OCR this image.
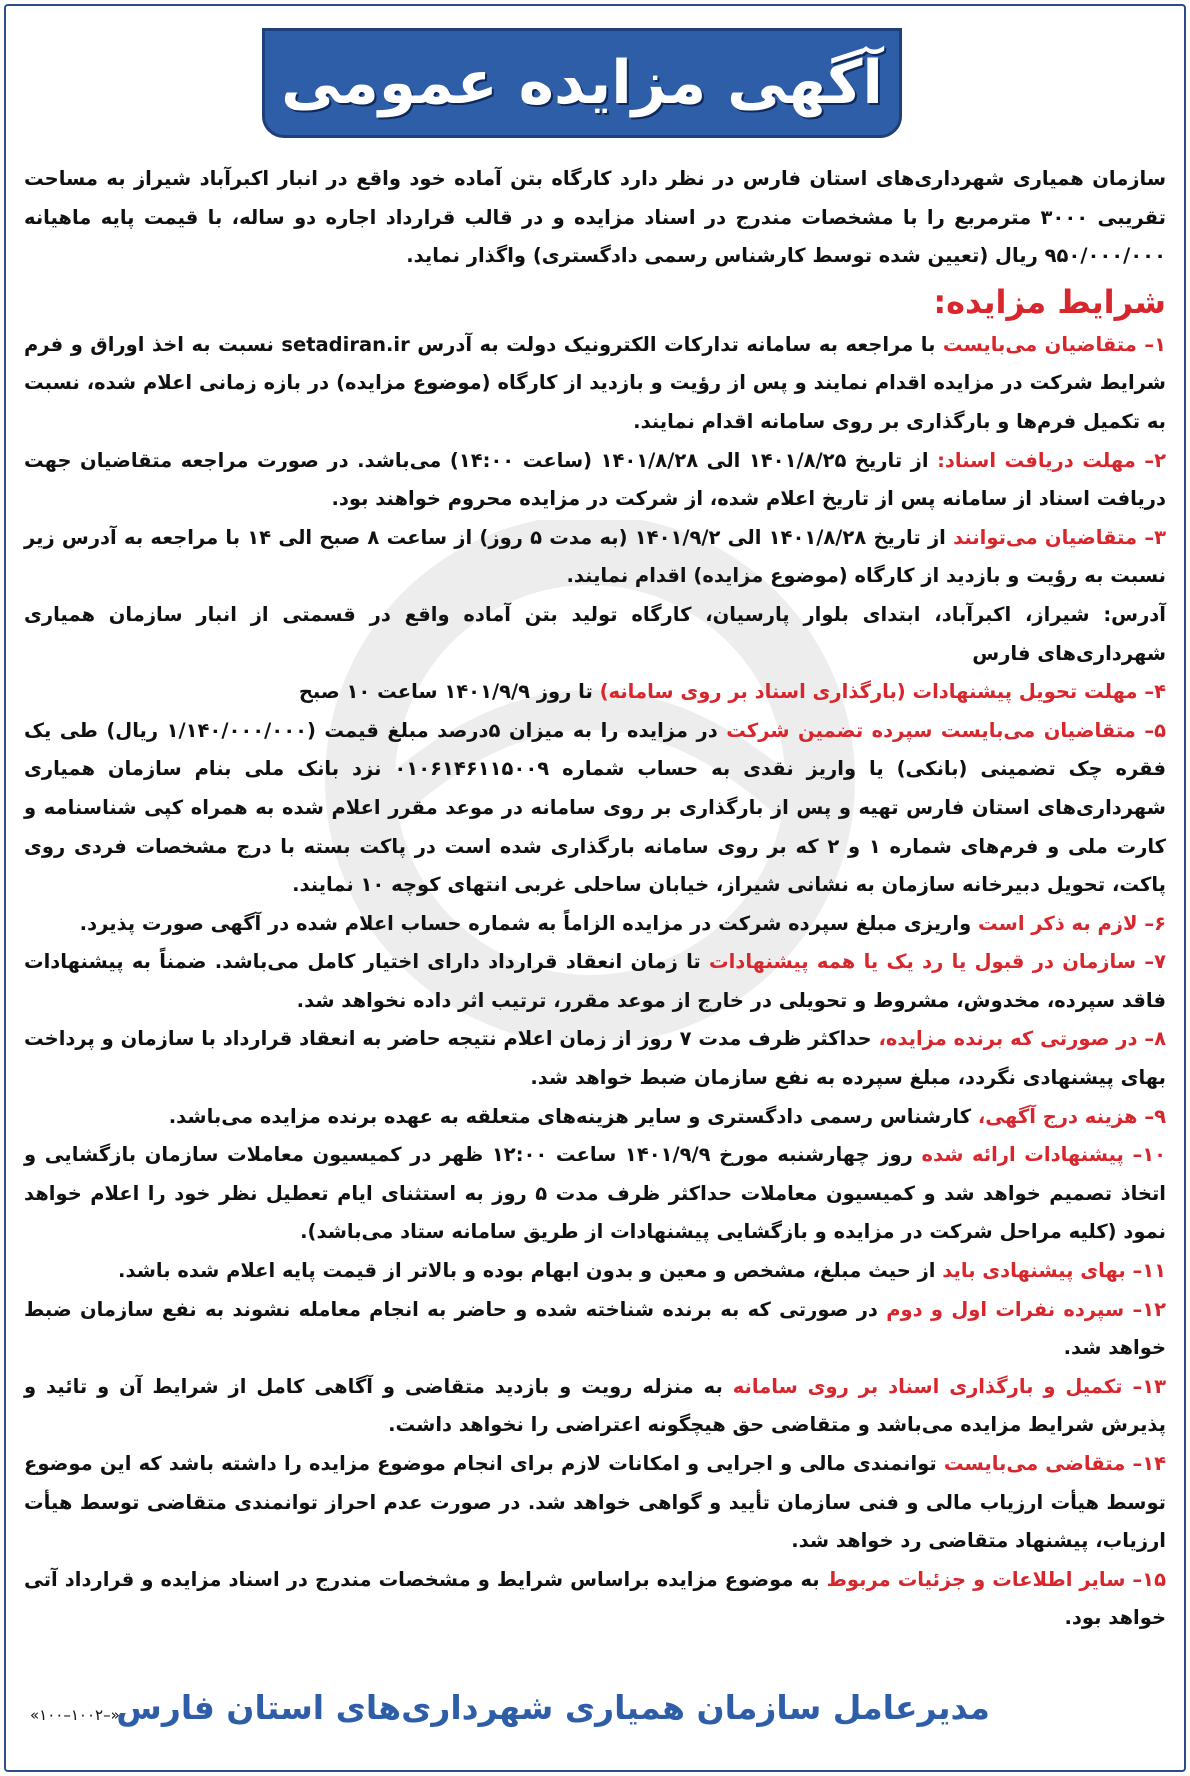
آگهی مزایده عمومی

سازمان همیاری شهرداری‌های استان فارس در نظر دارد کارگاه بتن آماده خود واقع در انبار اکبرآباد شیراز به مساحت تقریبی ۳۰۰۰ مترمربع را با مشخصات مندرج در اسناد مزایده و در قالب قرارداد اجاره دو ساله، با قیمت پایه ماهیانه ۹۵۰/۰۰۰/۰۰۰ ریال (تعیین شده توسط کارشناس رسمی دادگستری) واگذار نماید.

شرایط مزایده:

۱– متقاضیان می‌بایست با مراجعه به سامانه تدارکات الکترونیک دولت به آدرس setadiran.ir نسبت به اخذ اوراق و فرم شرایط شرکت در مزایده اقدام نمایند و پس از رؤیت و بازدید از کارگاه (موضوع مزایده) در بازه زمانی اعلام شده، نسبت به تکمیل فرم‌ها و بارگذاری بر روی سامانه اقدام نمایند.

۲– مهلت دریافت اسناد: از تاریخ ۱۴۰۱/۸/۲۵ الی ۱۴۰۱/۸/۲۸ (ساعت ۱۴:۰۰) می‌باشد. در صورت مراجعه متقاضیان جهت دریافت اسناد از سامانه پس از تاریخ اعلام شده، از شرکت در مزایده محروم خواهند بود.

۳– متقاضیان می‌توانند از تاریخ ۱۴۰۱/۸/۲۸ الی ۱۴۰۱/۹/۲ (به مدت ۵ روز) از ساعت ۸ صبح الی ۱۴ با مراجعه به آدرس زیر نسبت به رؤیت و بازدید از کارگاه (موضوع مزایده) اقدام نمایند.

آدرس: شیراز، اکبرآباد، ابتدای بلوار پارسیان، کارگاه تولید بتن آماده واقع در قسمتی از انبار سازمان همیاری شهرداری‌های فارس

۴– مهلت تحویل پیشنهادات (بارگذاری اسناد بر روی سامانه) تا روز ۱۴۰۱/۹/۹ ساعت ۱۰ صبح

۵– متقاضیان می‌بایست سپرده تضمین شرکت در مزایده را به میزان ۵درصد مبلغ قیمت (۱/۱۴۰/۰۰۰/۰۰۰ ریال) طی یک فقره چک تضمینی (بانکی) یا واریز نقدی به حساب شماره ۰۱۰۶۱۴۶۱۱۵۰۰۹ نزد بانک ملی بنام سازمان همیاری شهرداری‌های استان فارس تهیه و پس از بارگذاری بر روی سامانه در موعد مقرر اعلام شده به همراه کپی شناسنامه و کارت ملی و فرم‌های شماره ۱ و ۲ که بر روی سامانه بارگذاری شده است در پاکت بسته با درج مشخصات فردی روی پاکت، تحویل دبیرخانه سازمان به نشانی شیراز، خیابان ساحلی غربی انتهای کوچه ۱۰ نمایند.

۶– لازم به ذکر است واریزی مبلغ سپرده شرکت در مزایده الزاماً به شماره حساب اعلام شده در آگهی صورت پذیرد.

۷– سازمان در قبول یا رد یک یا همه پیشنهادات تا زمان انعقاد قرارداد دارای اختیار کامل می‌باشد. ضمناً به پیشنهادات فاقد سپرده، مخدوش، مشروط و تحویلی در خارج از موعد مقرر، ترتیب اثر داده نخواهد شد.

۸– در صورتی که برنده مزایده، حداکثر ظرف مدت ۷ روز از زمان اعلام نتیجه حاضر به انعقاد قرارداد با سازمان و پرداخت بهای پیشنهادی نگردد، مبلغ سپرده به نفع سازمان ضبط خواهد شد.

۹– هزینه درج آگهی، کارشناس رسمی دادگستری و سایر هزینه‌های متعلقه به عهده برنده مزایده می‌باشد.

۱۰– پیشنهادات ارائه شده روز چهارشنبه مورخ ۱۴۰۱/۹/۹ ساعت ۱۲:۰۰ ظهر در کمیسیون معاملات سازمان بازگشایی و اتخاذ تصمیم خواهد شد و کمیسیون معاملات حداکثر ظرف مدت ۵ روز به استثنای ایام تعطیل نظر خود را اعلام خواهد نمود (کلیه مراحل شرکت در مزایده و بازگشایی پیشنهادات از طریق سامانه ستاد می‌باشد).

۱۱– بهای پیشنهادی باید از حیث مبلغ، مشخص و معین و بدون ابهام بوده و بالاتر از قیمت پایه اعلام شده باشد.

۱۲– سپرده نفرات اول و دوم در صورتی که به برنده شناخته شده و حاضر به انجام معامله نشوند به نفع سازمان ضبط خواهد شد.

۱۳– تکمیل و بارگذاری اسناد بر روی سامانه به منزله رویت و بازدید متقاضی و آگاهی کامل از شرایط آن و تائید و پذیرش شرایط مزایده می‌باشد و متقاضی حق هیچگونه اعتراضی را نخواهد داشت.

۱۴– متقاضی می‌بایست توانمندی مالی و اجرایی و امکانات لازم برای انجام موضوع مزایده را داشته باشد که این موضوع توسط هیأت ارزیاب مالی و فنی سازمان تأیید و گواهی خواهد شد. در صورت عدم احراز توانمندی متقاضی توسط هیأت ارزیاب، پیشنهاد متقاضی رد خواهد شد.

۱۵– سایر اطلاعات و جزئیات مربوط به موضوع مزایده براساس شرایط و مشخصات مندرج در اسناد مزایده و قرارداد آتی خواهد بود.

مدیرعامل سازمان همیاری شهرداری‌های استان فارس
«۱۰۰–۱۰۰۲–»
